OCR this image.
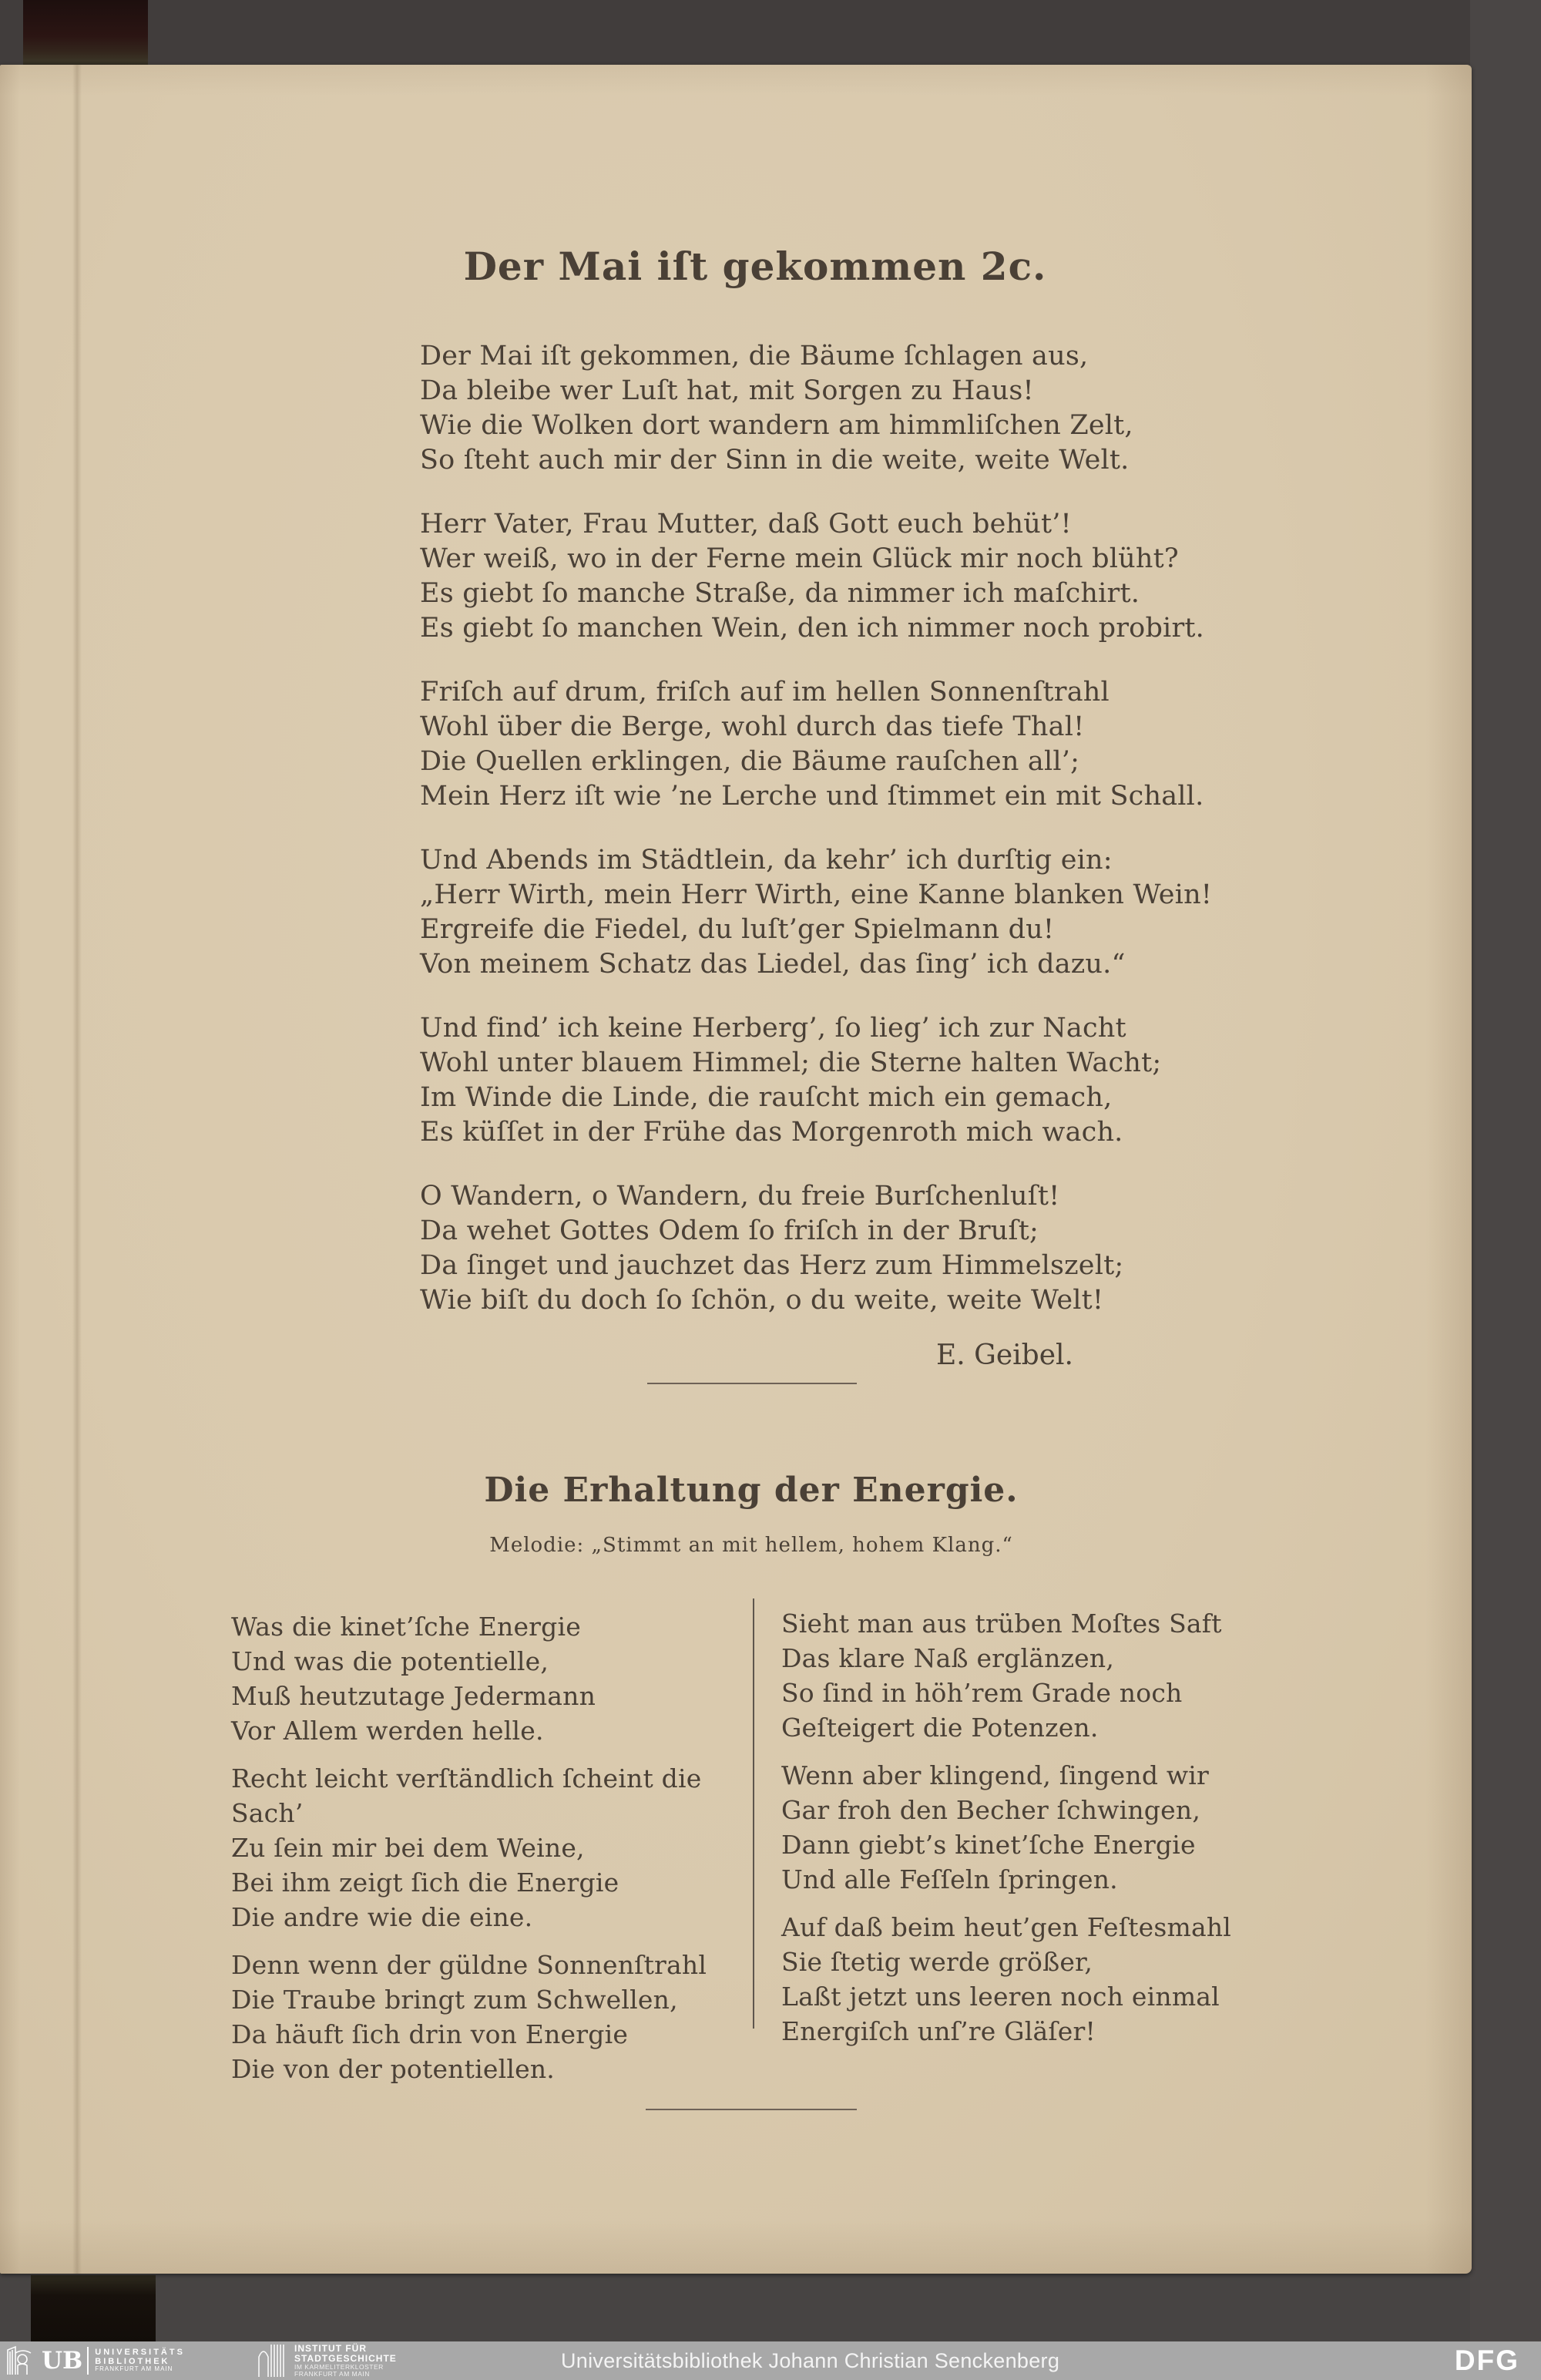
Der Mai iſt gekommen 2c.
Der Mai iſt gekommen, die Bäume ſchlagen aus,
Da bleibe wer Luſt hat, mit Sorgen zu Haus!
Wie die Wolken dort wandern am himmliſchen Zelt,
So ſteht auch mir der Sinn in die weite, weite Welt.
Herr Vater, Frau Mutter, daß Gott euch behüt’!
Wer weiß, wo in der Ferne mein Glück mir noch blüht?
Es giebt ſo manche Straße, da nimmer ich maſchirt.
Es giebt ſo manchen Wein, den ich nimmer noch probirt.
Friſch auf drum, friſch auf im hellen Sonnenſtrahl
Wohl über die Berge, wohl durch das tiefe Thal!
Die Quellen erklingen, die Bäume rauſchen all’;
Mein Herz iſt wie ’ne Lerche und ſtimmet ein mit Schall.
Und Abends im Städtlein, da kehr’ ich durſtig ein:
„Herr Wirth, mein Herr Wirth, eine Kanne blanken Wein!
Ergreife die Fiedel, du luſt’ger Spielmann du!
Von meinem Schatz das Liedel, das ſing’ ich dazu.“
Und find’ ich keine Herberg’, ſo lieg’ ich zur Nacht
Wohl unter blauem Himmel; die Sterne halten Wacht;
Im Winde die Linde, die rauſcht mich ein gemach,
Es küſſet in der Frühe das Morgenroth mich wach.
O Wandern, o Wandern, du freie Burſchenluſt!
Da wehet Gottes Odem ſo friſch in der Bruſt;
Da ſinget und jauchzet das Herz zum Himmelszelt;
Wie biſt du doch ſo ſchön, o du weite, weite Welt!
E. Geibel.
Die Erhaltung der Energie.
Melodie: „Stimmt an mit hellem, hohem Klang.“
Was die kinet’ſche Energie
Und was die potentielle,
Muß heutzutage Jedermann
Vor Allem werden helle.
Recht leicht verſtändlich ſcheint die Sach’
Zu ſein mir bei dem Weine,
Bei ihm zeigt ſich die Energie
Die andre wie die eine.
Denn wenn der güldne Sonnenſtrahl
Die Traube bringt zum Schwellen,
Da häuft ſich drin von Energie
Die von der potentiellen.
Sieht man aus trüben Moſtes Saft
Das klare Naß erglänzen,
So ſind in höh’rem Grade noch
Geſteigert die Potenzen.
Wenn aber klingend, ſingend wir
Gar froh den Becher ſchwingen,
Dann giebt’s kinet’ſche Energie
Und alle Feſſeln ſpringen.
Auf daß beim heut’gen Feſtesmahl
Sie ſtetig werde größer,
Laßt jetzt uns leeren noch einmal
Energiſch unſ’re Gläſer!
UB UNIVERSITÄTS
BIBLIOTHEK
FRANKFURT AM MAIN
INSTITUT FÜR
STADTGESCHICHTE
IM KARMELITERKLOSTER
FRANKFURT AM MAIN
Universitätsbibliothek Johann Christian Senckenberg	DFG
